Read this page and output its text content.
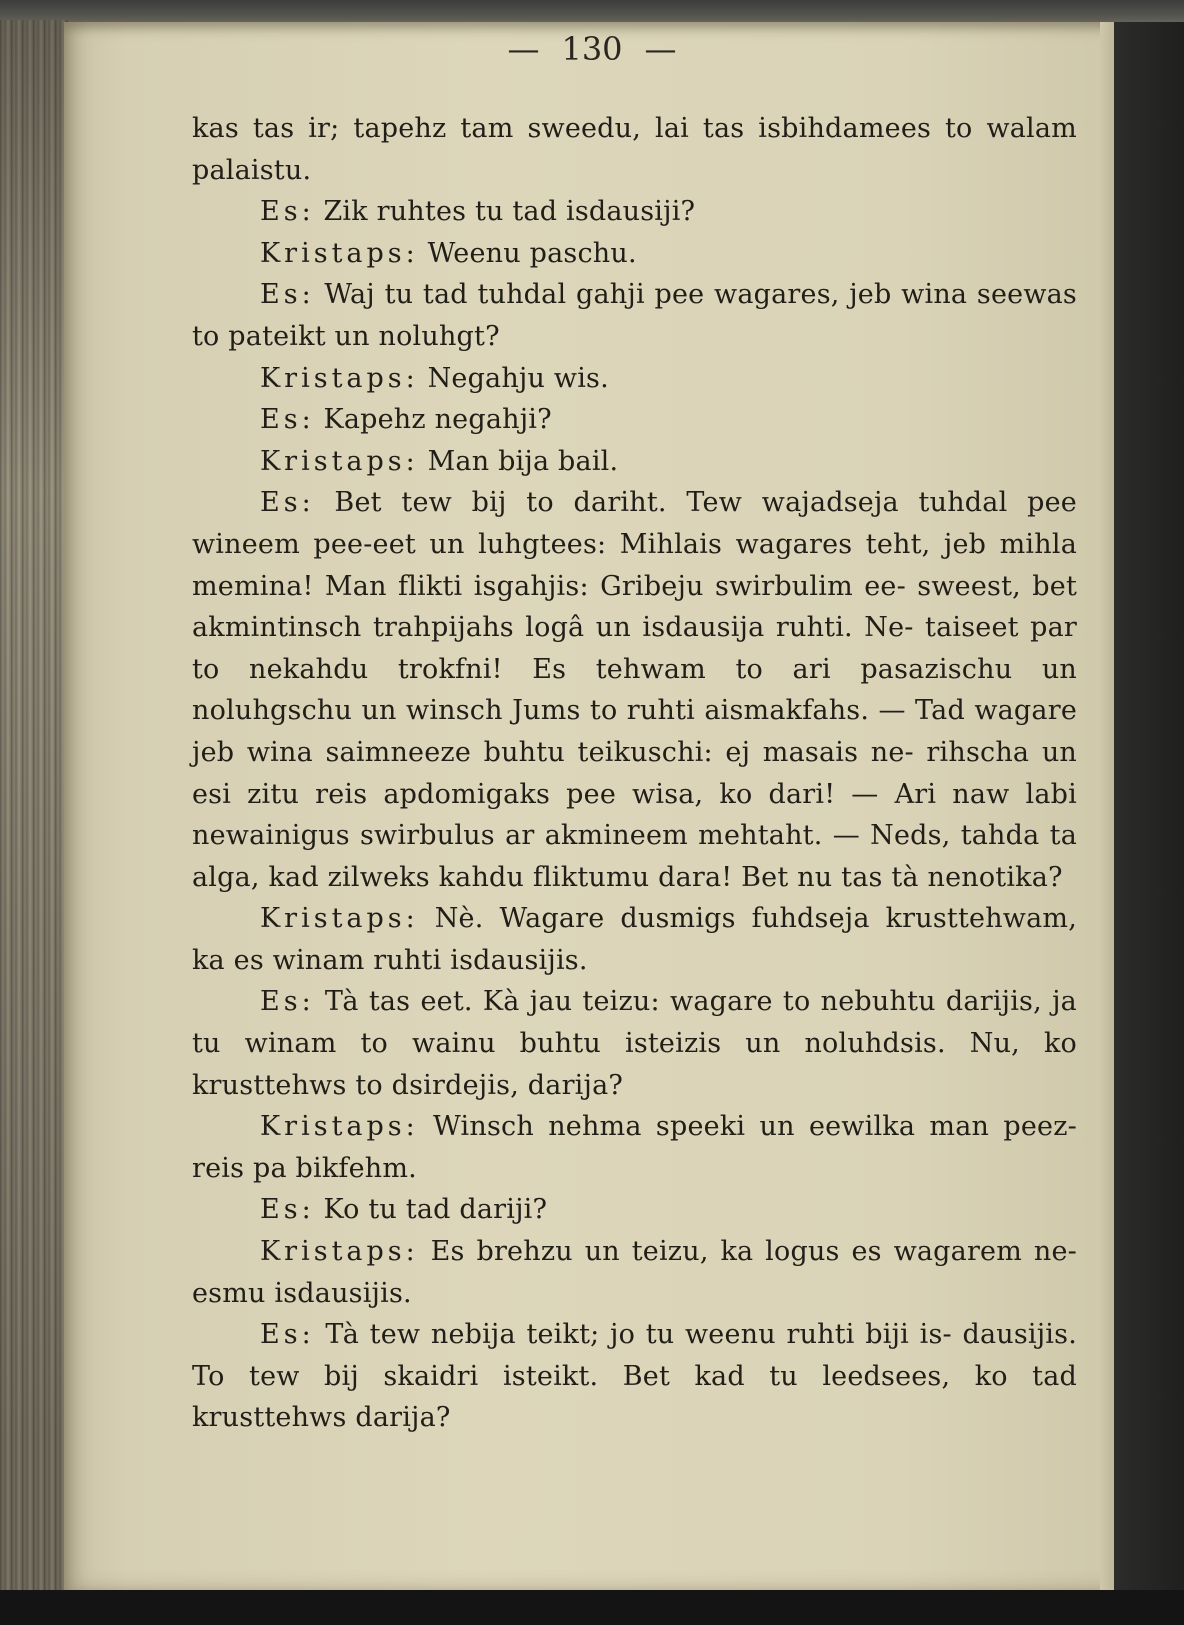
— 130 —

kas tas ir; tapehz tam sweedu, lai tas isbihdamees to walam palaistu.

Es: Zik ruhtes tu tad isdausiji?

Kristaps: Weenu paschu.

Es: Waj tu tad tuhdal gahji pee wagares, jeb wina seewas to pateikt un noluhgt?

Kristaps: Negahju wis.

Es: Kapehz negahji?

Kristaps: Man bija bail.

Es: Bet tew bij to dariht. Tew wajadseja tuhdal pee wineem pee-eet un luhgtees: Mihlais wagares teht, jeb mihla memina! Man flikti isgahjis: Gribeju swirbulim ee- sweest, bet akmintinsch trahpijahs logâ un isdausija ruhti. Ne- taiseet par to nekahdu trokfni! Es tehwam to ari pasazischu un noluhgschu un winsch Jums to ruhti aismakfahs. — Tad wagare jeb wina saimneeze buhtu teikuschi: ej masais ne- rihscha un esi zitu reis apdomigaks pee wisa, ko dari! — Ari naw labi newainigus swirbulus ar akmineem mehtaht. — Neds, tahda ta alga, kad zilweks kahdu fliktumu dara! Bet nu tas tà nenotika?

Kristaps: Nè. Wagare dusmigs fuhdseja krusttehwam, ka es winam ruhti isdausijis.

Es: Tà tas eet. Kà jau teizu: wagare to nebuhtu darijis, ja tu winam to wainu buhtu isteizis un noluhdsis. Nu, ko krusttehws to dsirdejis, darija?

Kristaps: Winsch nehma speeki un eewilka man peez- reis pa bikfehm.

Es: Ko tu tad dariji?

Kristaps: Es brehzu un teizu, ka logus es wagarem ne-esmu isdausijis.

Es: Tà tew nebija teikt; jo tu weenu ruhti biji is- dausijis. To tew bij skaidri isteikt. Bet kad tu leedsees, ko tad krusttehws darija?
